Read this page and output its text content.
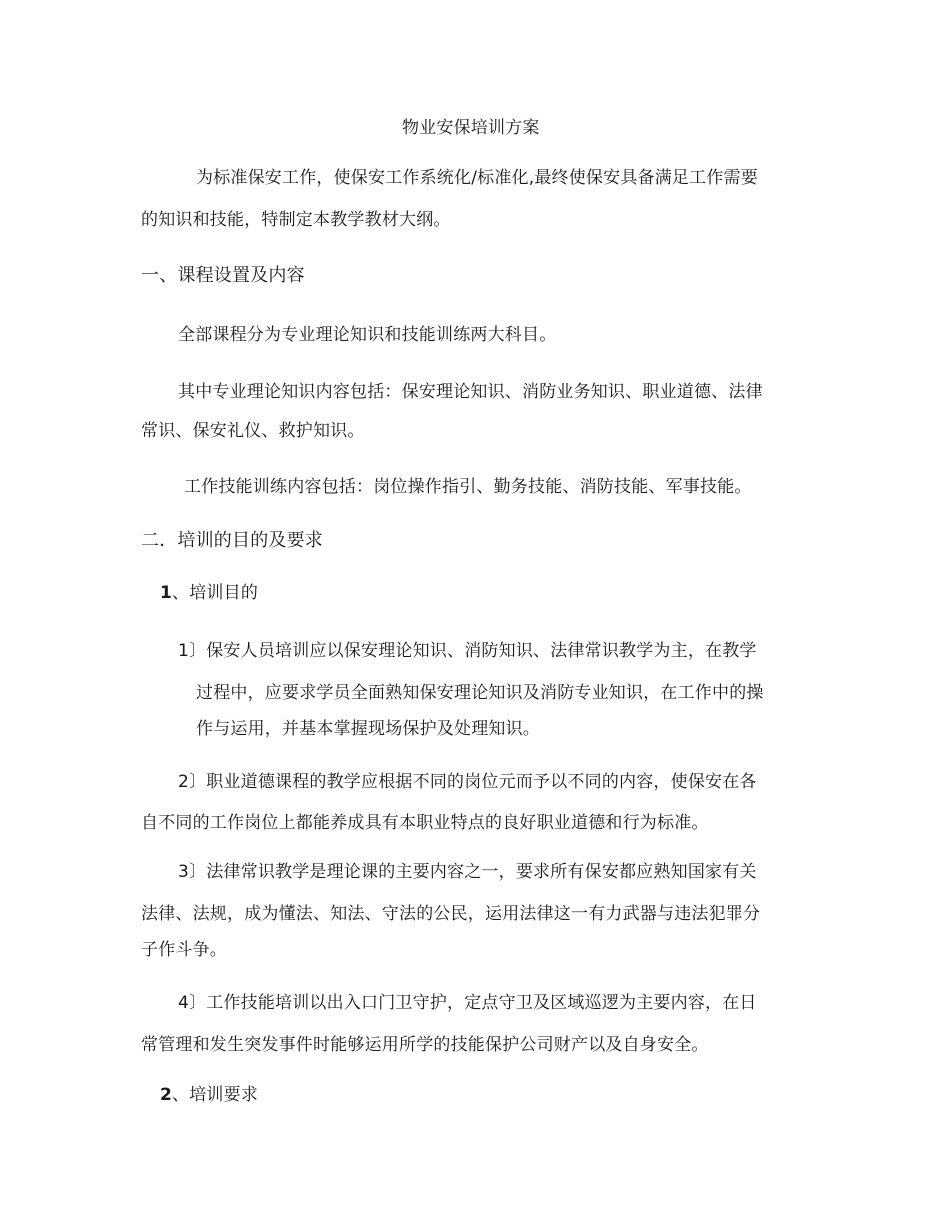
物业安保培训方案
为标准保安工作，使保安工作系统化/标准化,最终使保安具备满足工作需要
的知识和技能，特制定本教学教材大纲。
一、课程设置及内容
全部课程分为专业理论知识和技能训练两大科目。
其中专业理论知识内容包括：保安理论知识、消防业务知识、职业道德、法律
常识、保安礼仪、救护知识。
工作技能训练内容包括：岗位操作指引、勤务技能、消防技能、军事技能。
二．培训的目的及要求
1、培训目的
1〕保安人员培训应以保安理论知识、消防知识、法律常识教学为主，在教学
过程中，应要求学员全面熟知保安理论知识及消防专业知识，在工作中的操
作与运用，并基本掌握现场保护及处理知识。
2〕职业道德课程的教学应根据不同的岗位元而予以不同的内容，使保安在各
自不同的工作岗位上都能养成具有本职业特点的良好职业道德和行为标准。
3〕法律常识教学是理论课的主要内容之一，要求所有保安都应熟知国家有关
法律、法规，成为懂法、知法、守法的公民，运用法律这一有力武器与违法犯罪分
子作斗争。
4〕工作技能培训以出入口门卫守护，定点守卫及区域巡逻为主要内容，在日
常管理和发生突发事件时能够运用所学的技能保护公司财产以及自身安全。
2、培训要求
